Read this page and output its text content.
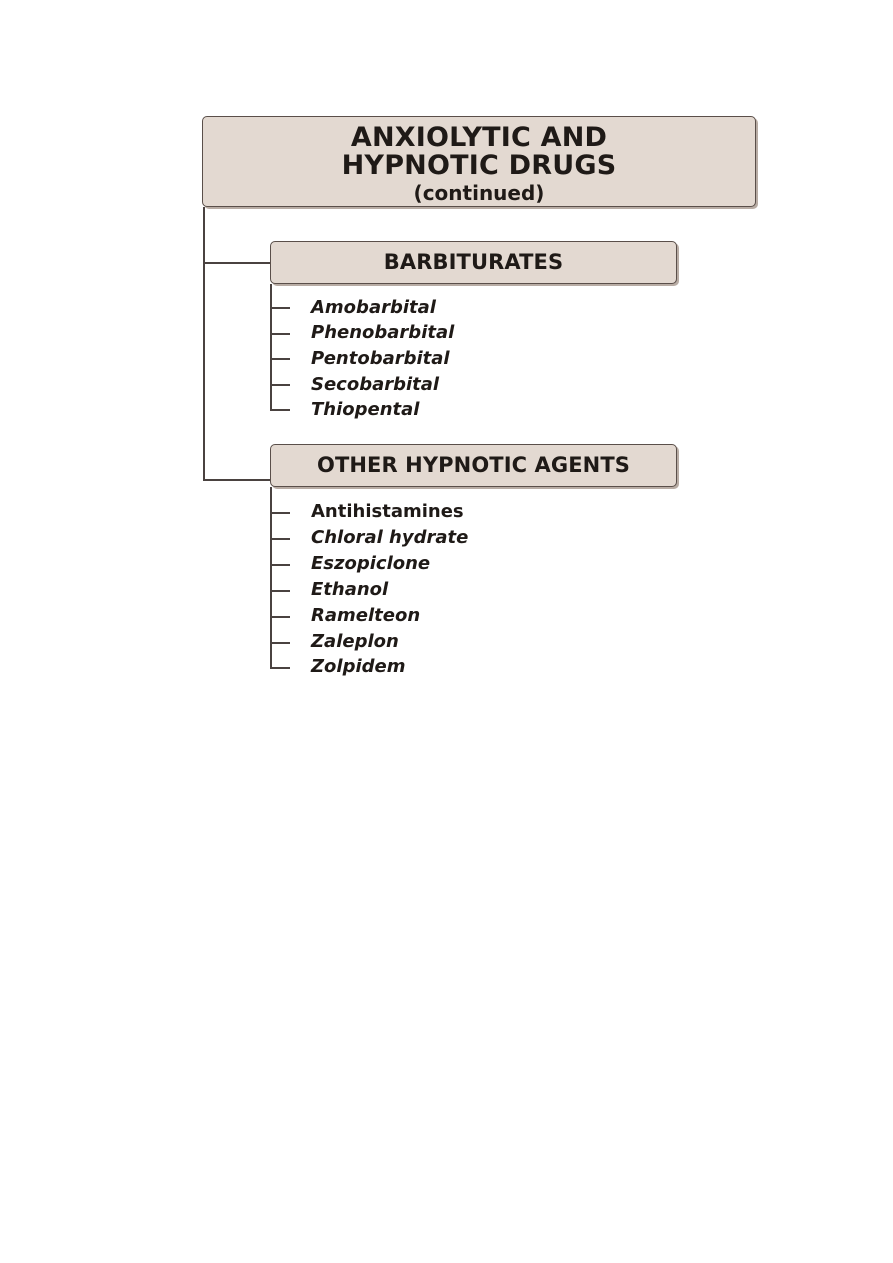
ANXIOLYTIC AND
HYPNOTIC DRUGS
(continued)
BARBITURATES
Amobarbital
Phenobarbital
Pentobarbital
Secobarbital
Thiopental
OTHER HYPNOTIC AGENTS
Antihistamines
Chloral hydrate
Eszopiclone
Ethanol
Ramelteon
Zaleplon
Zolpidem
